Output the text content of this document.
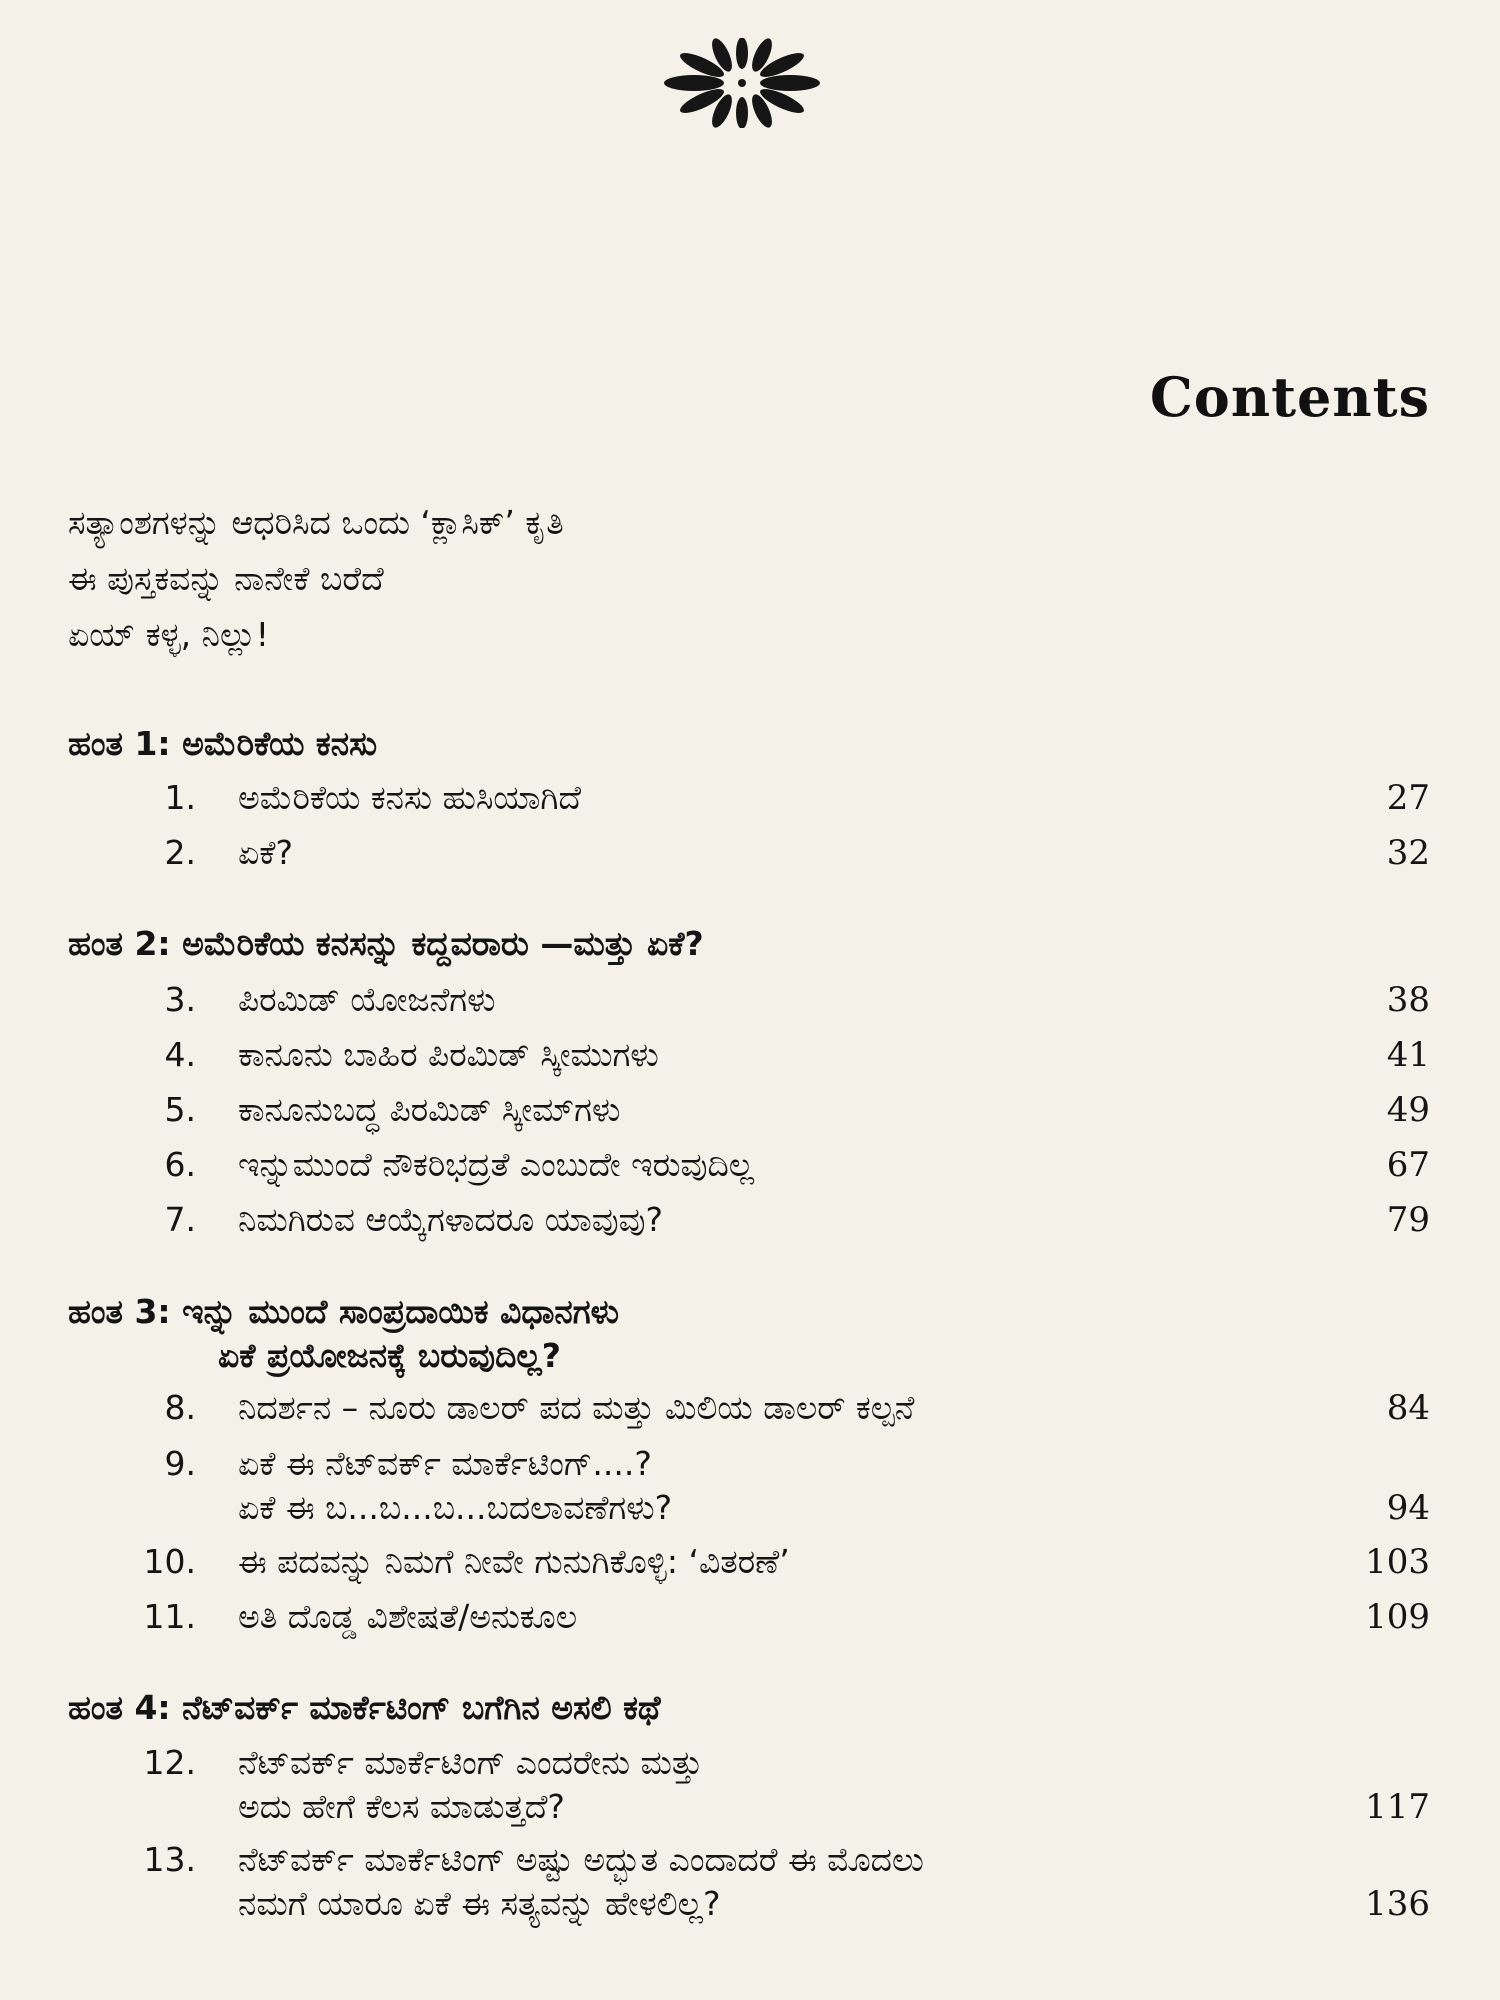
Contents
ಸತ್ಯಾಂಶಗಳನ್ನು ಆಧರಿಸಿದ ಒಂದು ‘ಕ್ಲಾಸಿಕ್’ ಕೃತಿ
ಈ ಪುಸ್ತಕವನ್ನು ನಾನೇಕೆ ಬರೆದೆ
ಏಯ್ ಕಳ್ಳ, ನಿಲ್ಲು!
ಹಂತ 1: ಅಮೆರಿಕೆಯ ಕನಸು
1. ಅಮೆರಿಕೆಯ ಕನಸು ಹುಸಿಯಾಗಿದೆ	27
2. ಏಕೆ?	32
ಹಂತ 2: ಅಮೆರಿಕೆಯ ಕನಸನ್ನು ಕದ್ದವರಾರು —ಮತ್ತು ಏಕೆ?
3. ಪಿರಮಿಡ್ ಯೋಜನೆಗಳು	38
4. ಕಾನೂನು ಬಾಹಿರ ಪಿರಮಿಡ್ ಸ್ಕೀಮುಗಳು	41
5. ಕಾನೂನುಬದ್ಧ ಪಿರಮಿಡ್ ಸ್ಕೀಮ್‌ಗಳು	49
6. ಇನ್ನುಮುಂದೆ ನೌಕರಿಭದ್ರತೆ ಎಂಬುದೇ ಇರುವುದಿಲ್ಲ	67
7. ನಿಮಗಿರುವ ಆಯ್ಕೆಗಳಾದರೂ ಯಾವುವು?	79
ಹಂತ 3: ಇನ್ನು ಮುಂದೆ ಸಾಂಪ್ರದಾಯಿಕ ವಿಧಾನಗಳು
ಏಕೆ ಪ್ರಯೋಜನಕ್ಕೆ ಬರುವುದಿಲ್ಲ?
8. ನಿದರ್ಶನ – ನೂರು ಡಾಲರ್ ಪದ ಮತ್ತು ಮಿಲಿಯ ಡಾಲರ್ ಕಲ್ಪನೆ	84
9. ಏಕೆ ಈ ನೆಟ್‌ವರ್ಕ್ ಮಾರ್ಕೆಟಿಂಗ್....?
ಏಕೆ ಈ ಬ...ಬ...ಬ...ಬದಲಾವಣೆಗಳು?	94
10. ಈ ಪದವನ್ನು ನಿಮಗೆ ನೀವೇ ಗುನುಗಿಕೊಳ್ಳಿ: ‘ವಿತರಣೆ’	103
11. ಅತಿ ದೊಡ್ಡ ವಿಶೇಷತೆ/ಅನುಕೂಲ	109
ಹಂತ 4: ನೆಟ್‌ವರ್ಕ್ ಮಾರ್ಕೆಟಿಂಗ್ ಬಗೆಗಿನ ಅಸಲಿ ಕಥೆ
12. ನೆಟ್‌ವರ್ಕ್ ಮಾರ್ಕೆಟಿಂಗ್ ಎಂದರೇನು ಮತ್ತು
ಅದು ಹೇಗೆ ಕೆಲಸ ಮಾಡುತ್ತದೆ?	117
13. ನೆಟ್‌ವರ್ಕ್ ಮಾರ್ಕೆಟಿಂಗ್ ಅಷ್ಟು ಅದ್ಭುತ ಎಂದಾದರೆ ಈ ಮೊದಲು
ನಮಗೆ ಯಾರೂ ಏಕೆ ಈ ಸತ್ಯವನ್ನು ಹೇಳಲಿಲ್ಲ?	136
